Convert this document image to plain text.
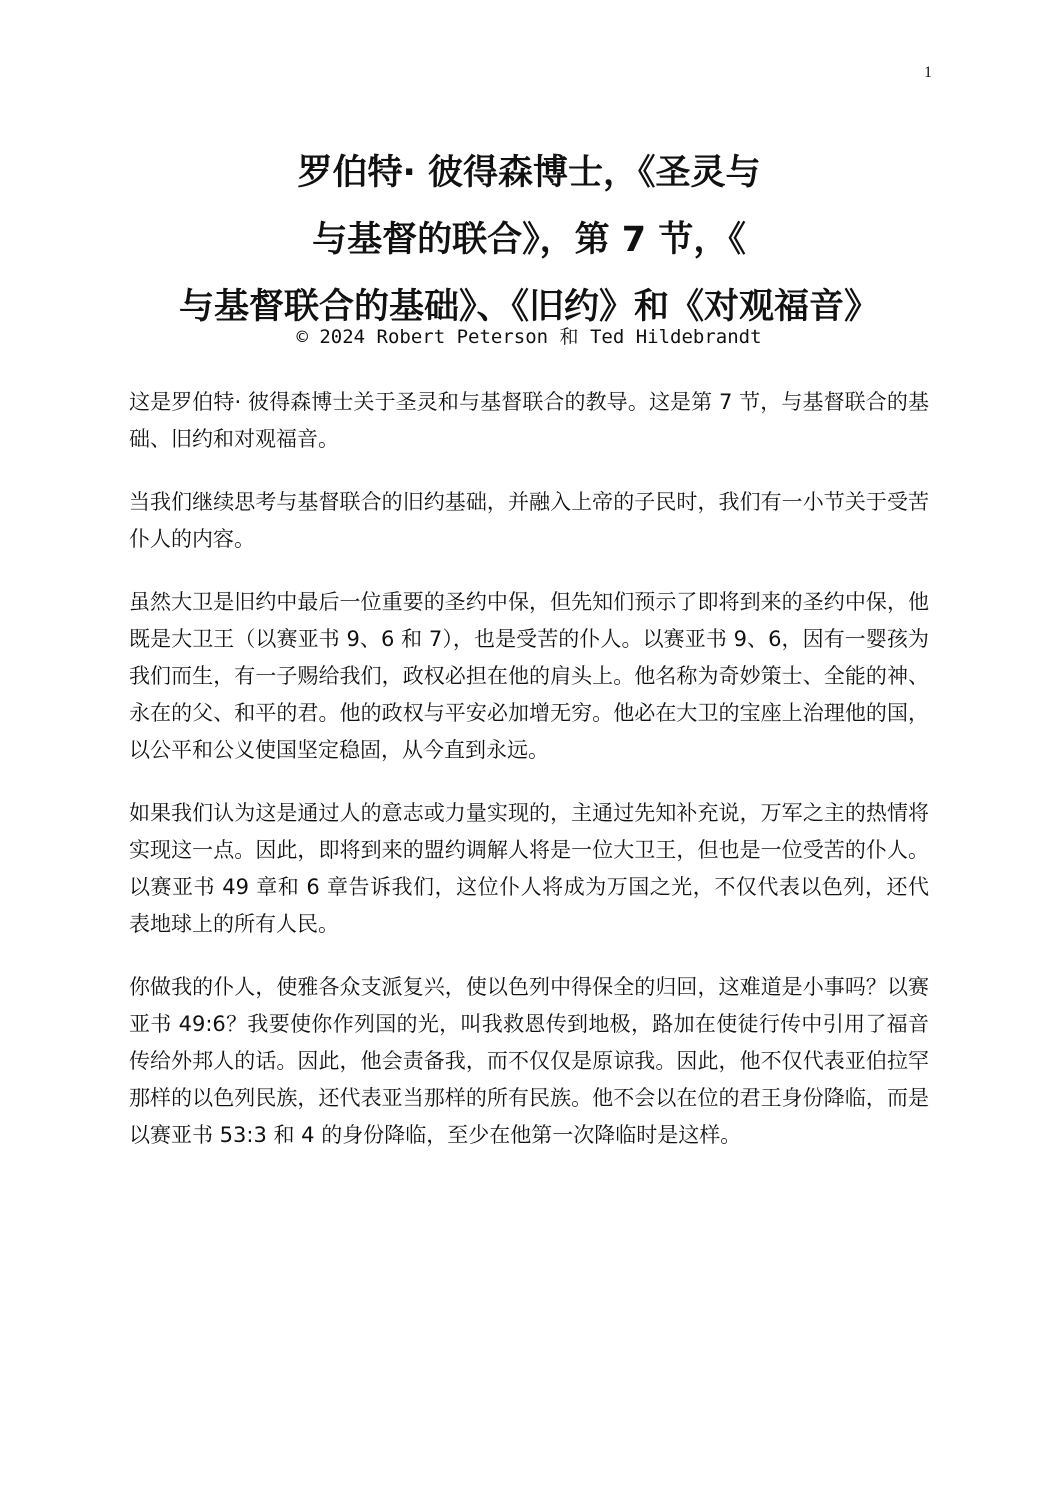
1
罗伯特· 彼得森博士，《圣灵与
与基督的联合》，第 7 节，《
与基督联合的基础》、《旧约》和《对观福音》
© 2024 Robert Peterson 和 Ted Hildebrandt

这是罗伯特· 彼得森博士关于圣灵和与基督联合的教导。这是第 7 节，与基督联合的基础、旧约和对观福音。

当我们继续思考与基督联合的旧约基础，并融入上帝的子民时，我们有一小节关于受苦仆人的内容。

虽然大卫是旧约中最后一位重要的圣约中保，但先知们预示了即将到来的圣约中保，他既是大卫王（以赛亚书 9、6 和 7），也是受苦的仆人。以赛亚书 9、6，因有一婴孩为我们而生，有一子赐给我们，政权必担在他的肩头上。他名称为奇妙策士、全能的神、永在的父、和平的君。他的政权与平安必加增无穷。他必在大卫的宝座上治理他的国，以公平和公义使国坚定稳固，从今直到永远。

如果我们认为这是通过人的意志或力量实现的，主通过先知补充说，万军之主的热情将实现这一点。因此，即将到来的盟约调解人将是一位大卫王，但也是一位受苦的仆人。以赛亚书 49 章和 6 章告诉我们，这位仆人将成为万国之光，不仅代表以色列，还代表地球上的所有人民。

你做我的仆人，使雅各众支派复兴，使以色列中得保全的归回，这难道是小事吗？以赛亚书 49:6？我要使你作列国的光，叫我救恩传到地极，路加在使徒行传中引用了福音传给外邦人的话。因此，他会责备我，而不仅仅是原谅我。因此，他不仅代表亚伯拉罕那样的以色列民族，还代表亚当那样的所有民族。他不会以在位的君王身份降临，而是以赛亚书 53:3 和 4 的身份降临，至少在他第一次降临时是这样。
